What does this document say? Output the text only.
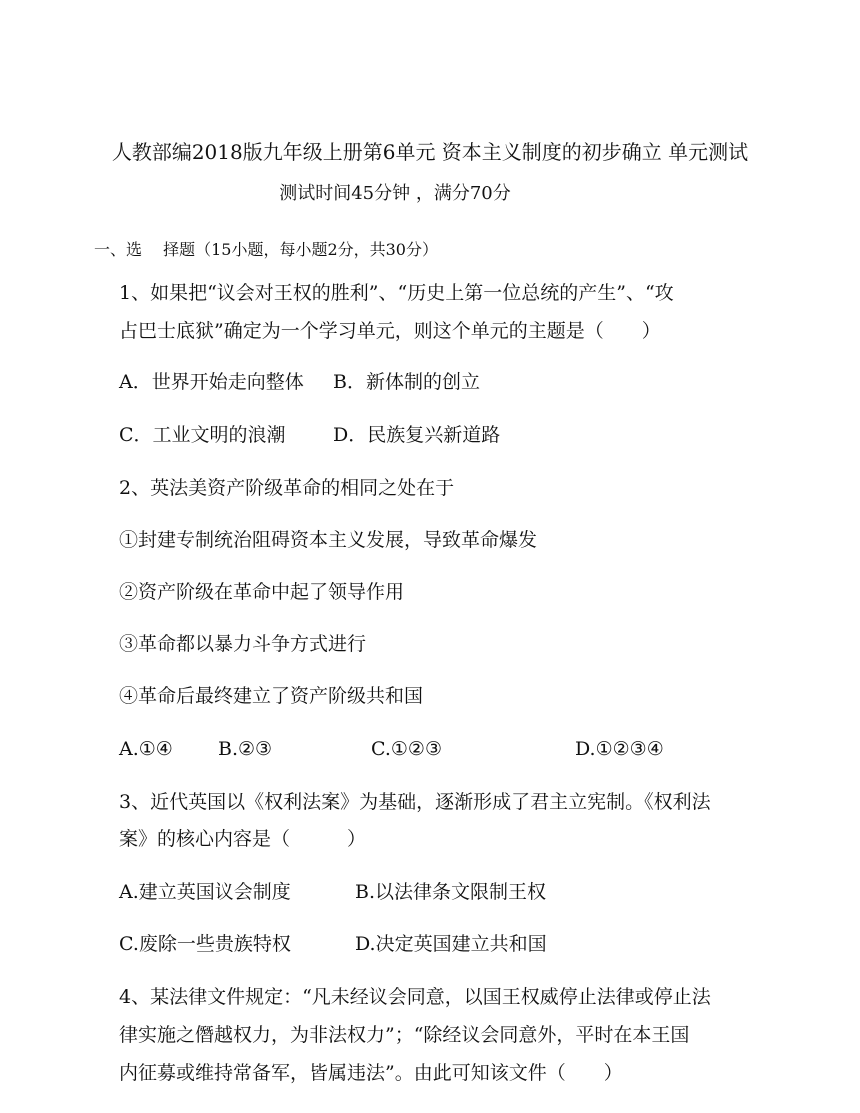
人教部编2018版九年级上册第6单元 资本主义制度的初步确立 单元测试
测试时间45分钟 ，满分70分
一、选　 择题（15小题，每小题2分，共30分）
1、如果把“议会对王权的胜利”、“历史上第一位总统的产生”、“攻
占巴士底狱”确定为一个学习单元，则这个单元的主题是（　　）
A．世界开始走向整体 B．新体制的创立
C．工业文明的浪潮 D．民族复兴新道路
2、英法美资产阶级革命的相同之处在于
①封建专制统治阻碍资本主义发展，导致革命爆发
②资产阶级在革命中起了领导作用
③革命都以暴力斗争方式进行
④革命后最终建立了资产阶级共和国
A.①④ B.②③	C.①②③	D.①②③④
3、近代英国以《权利法案》为基础，逐渐形成了君主立宪制。《权利法
案》的核心内容是（　　　）
A.建立英国议会制度	B.以法律条文限制王权
C.废除一些贵族特权	D.决定英国建立共和国
4、某法律文件规定：“凡未经议会同意，以国王权威停止法律或停止法
律实施之僭越权力，为非法权力”；“除经议会同意外，平时在本王国
内征募或维持常备军，皆属违法”。由此可知该文件（　　）
